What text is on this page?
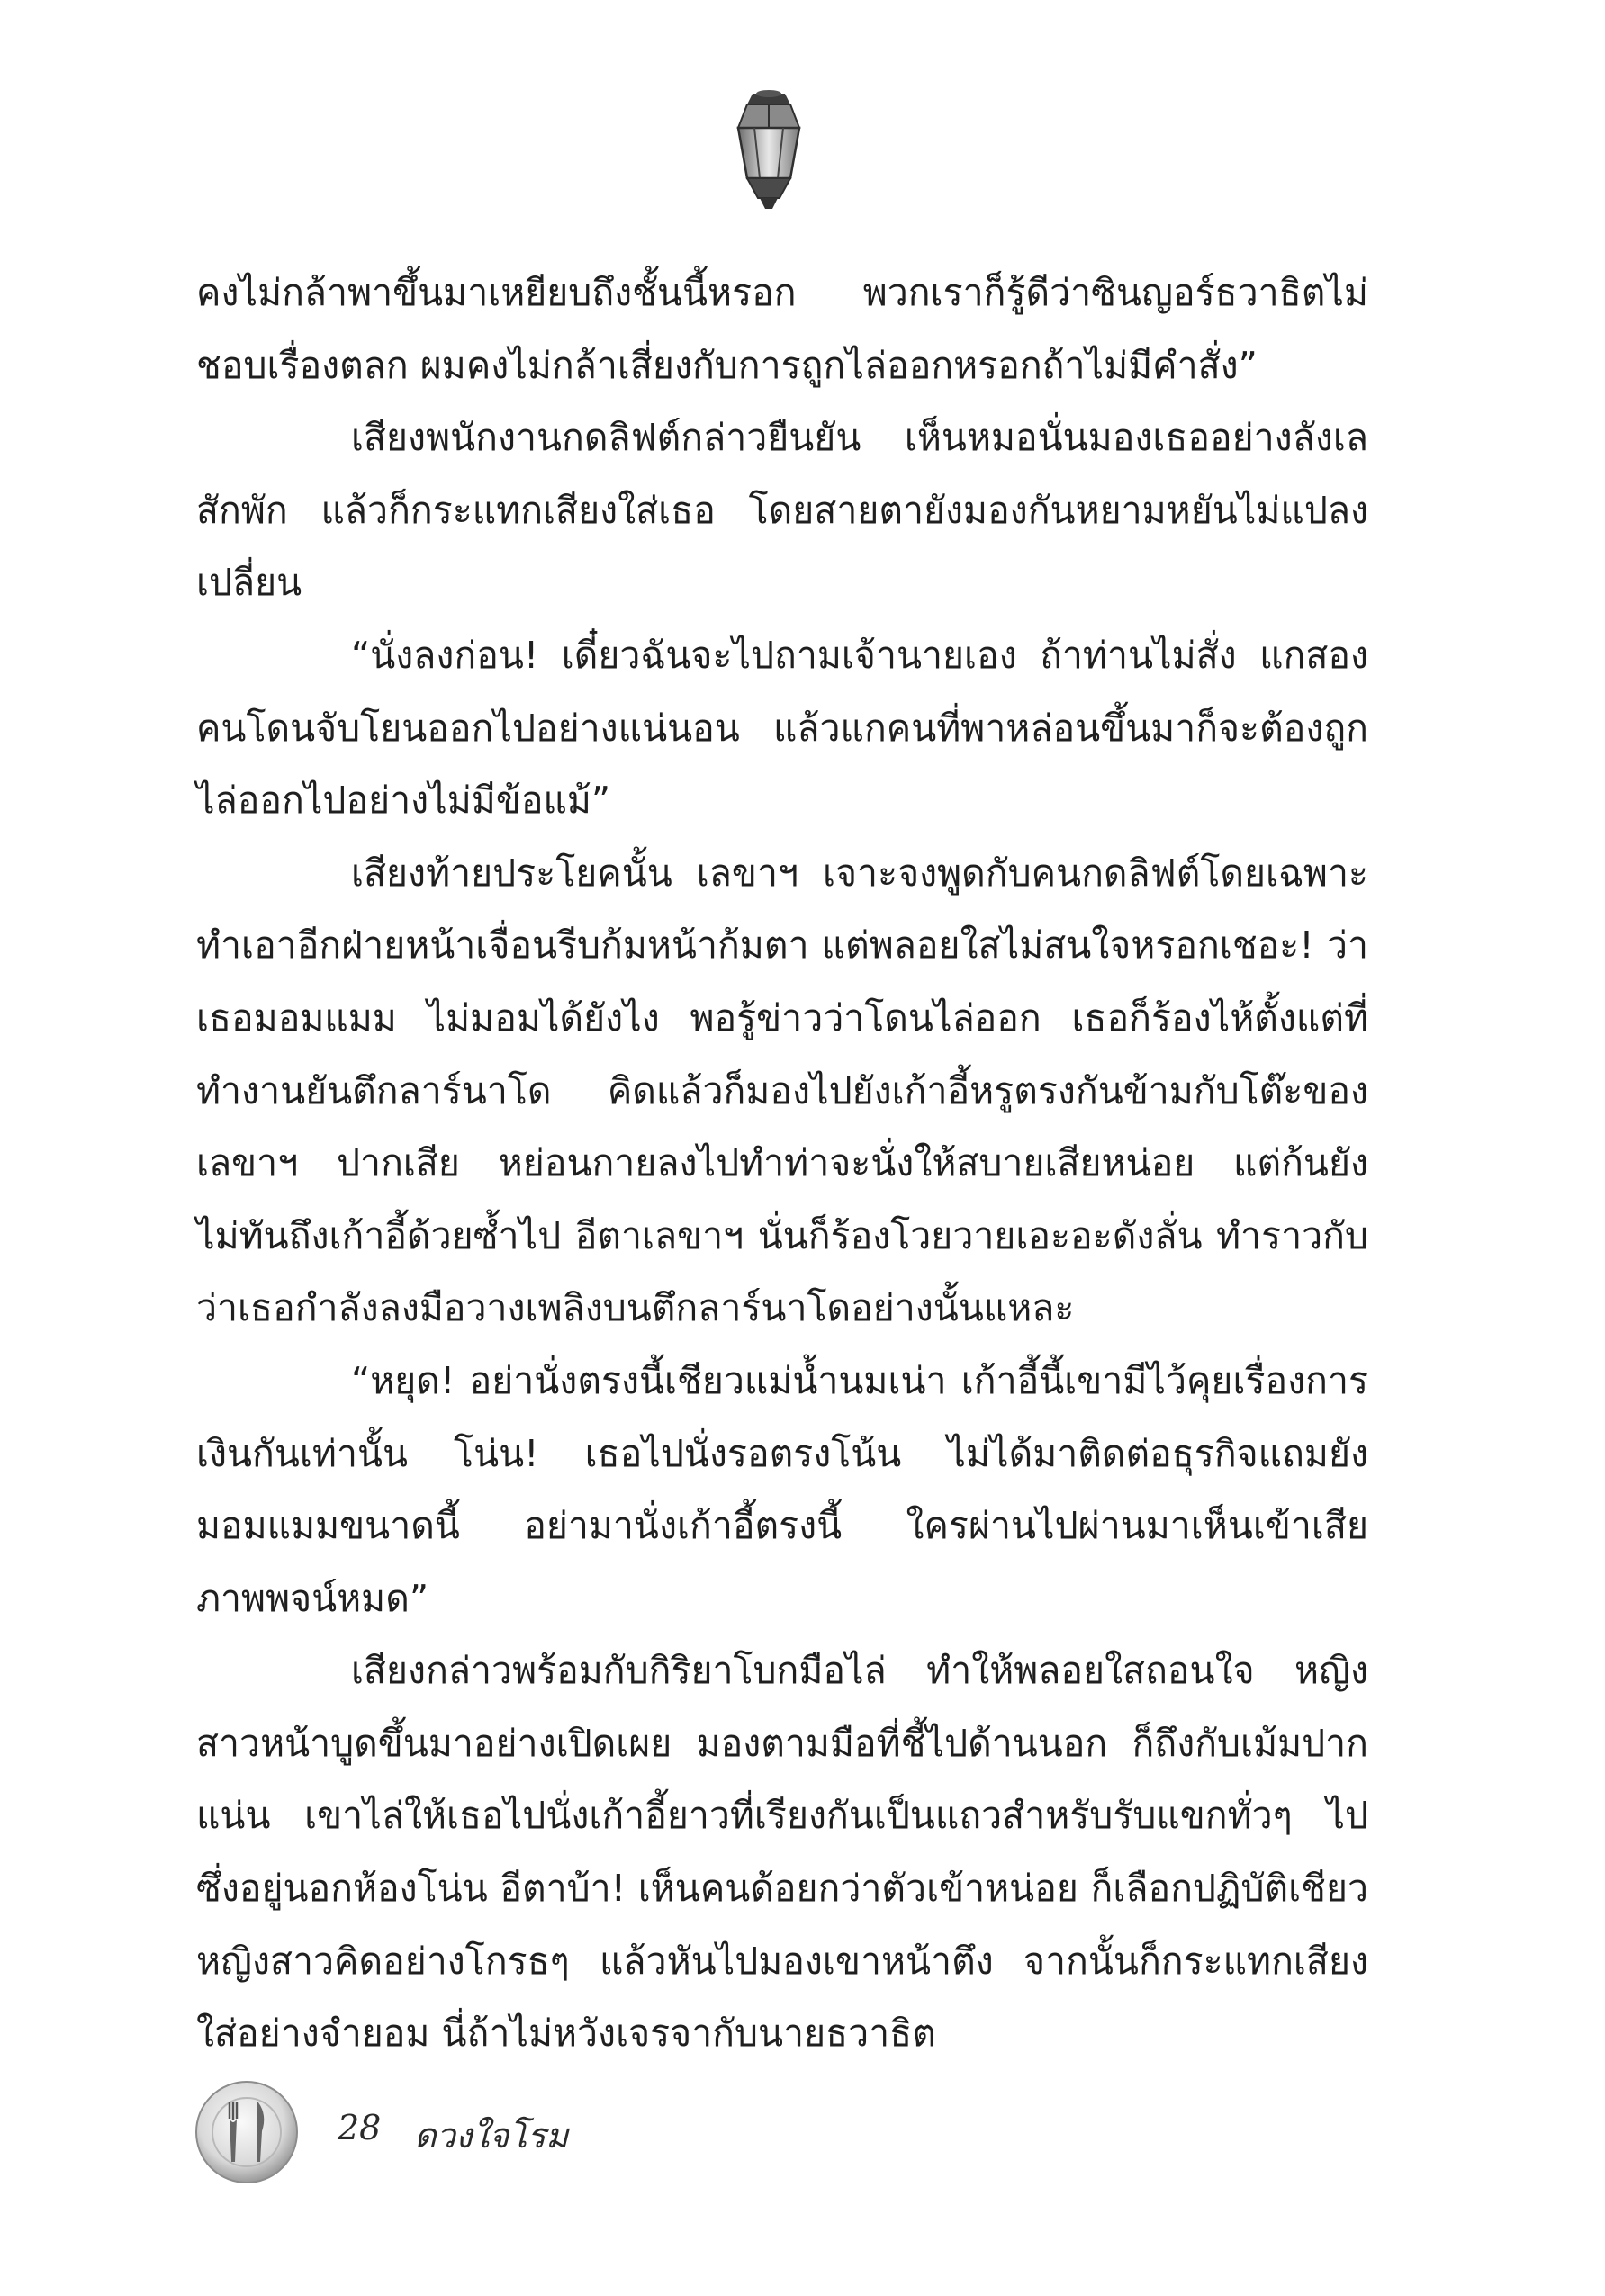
คงไม่กล้าพาขึ้นมาเหยียบถึงชั้นนี้หรอก พวกเราก็รู้ดีว่าซินญอร์ธวาธิตไม่ชอบเรื่องตลก ผมคงไม่กล้าเสี่ยงกับการถูกไล่ออกหรอกถ้าไม่มีคำสั่ง”

เสียงพนักงานกดลิฟต์กล่าวยืนยัน เห็นหมอนั่นมองเธออย่างลังเลสักพัก แล้วก็กระแทกเสียงใส่เธอ โดยสายตายังมองกันหยามหยันไม่แปลงเปลี่ยน

“นั่งลงก่อน! เดี๋ยวฉันจะไปถามเจ้านายเอง ถ้าท่านไม่สั่ง แกสองคนโดนจับโยนออกไปอย่างแน่นอน แล้วแกคนที่พาหล่อนขึ้นมาก็จะต้องถูกไล่ออกไปอย่างไม่มีข้อแม้”

เสียงท้ายประโยคนั้น เลขาฯ เจาะจงพูดกับคนกดลิฟต์โดยเฉพาะ ทำเอาอีกฝ่ายหน้าเจื่อนรีบก้มหน้าก้มตา แต่พลอยใสไม่สนใจหรอกเชอะ! ว่าเธอมอมแมม ไม่มอมได้ยังไง พอรู้ข่าวว่าโดนไล่ออก เธอก็ร้องไห้ตั้งแต่ที่ทำงานยันตึกลาร์นาโด คิดแล้วก็มองไปยังเก้าอี้หรูตรงกันข้ามกับโต๊ะของเลขาฯ ปากเสีย หย่อนกายลงไปทำท่าจะนั่งให้สบายเสียหน่อย แต่ก้นยังไม่ทันถึงเก้าอี้ด้วยซ้ำไป อีตาเลขาฯ นั่นก็ร้องโวยวายเอะอะดังลั่น ทำราวกับว่าเธอกำลังลงมือวางเพลิงบนตึกลาร์นาโดอย่างนั้นแหละ

“หยุด! อย่านั่งตรงนี้เชียวแม่น้ำนมเน่า เก้าอี้นี้เขามีไว้คุยเรื่องการเงินกันเท่านั้น โน่น! เธอไปนั่งรอตรงโน้น ไม่ได้มาติดต่อธุรกิจแถมยังมอมแมมขนาดนี้ อย่ามานั่งเก้าอี้ตรงนี้ ใครผ่านไปผ่านมาเห็นเข้าเสียภาพพจน์หมด”

เสียงกล่าวพร้อมกับกิริยาโบกมือไล่ ทำให้พลอยใสถอนใจ หญิงสาวหน้าบูดขึ้นมาอย่างเปิดเผย มองตามมือที่ชี้ไปด้านนอก ก็ถึงกับเม้มปากแน่น เขาไล่ให้เธอไปนั่งเก้าอี้ยาวที่เรียงกันเป็นแถวสำหรับรับแขกทั่วๆ ไป ซึ่งอยู่นอกห้องโน่น อีตาบ้า! เห็นคนด้อยกว่าตัวเข้าหน่อย ก็เลือกปฏิบัติเชียว หญิงสาวคิดอย่างโกรธๆ แล้วหันไปมองเขาหน้าตึง จากนั้นก็กระแทกเสียงใส่อย่างจำยอม นี่ถ้าไม่หวังเจรจากับนายธวาธิต

28 ดวงใจโรม
